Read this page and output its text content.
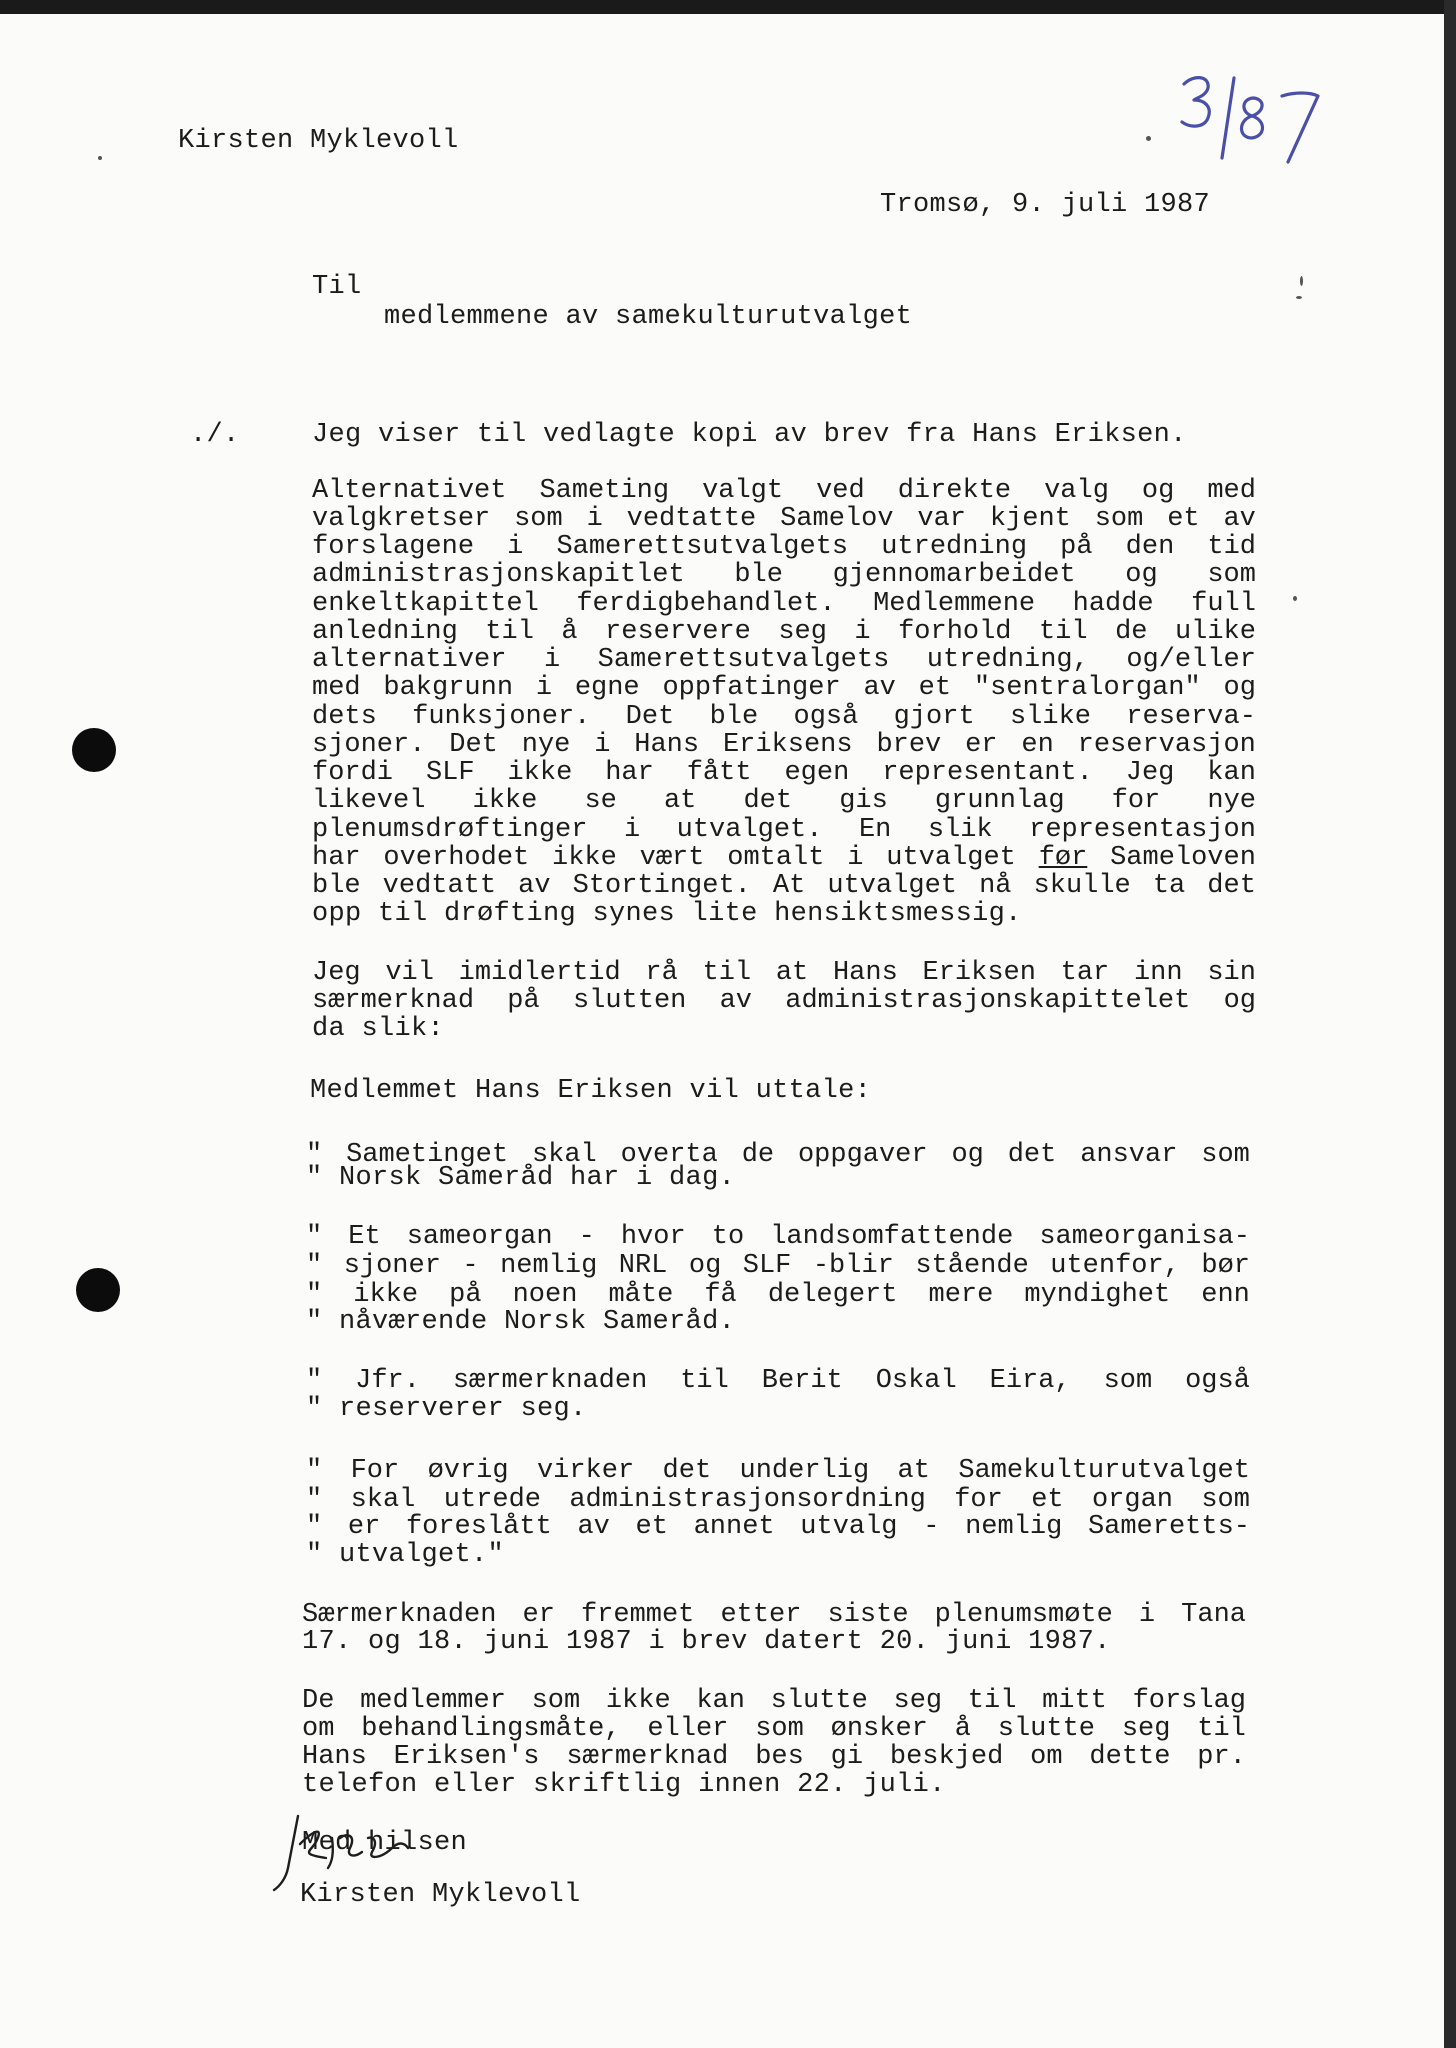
Kirsten Myklevoll
Tromsø, 9. juli 1987
Til
medlemmene av samekulturutvalget
./.	Jeg viser til vedlagte kopi av brev fra Hans Eriksen.
Alternativet Sameting valgt ved direkte valg og med
valgkretser som i vedtatte Samelov var kjent som et av
forslagene i Samerettsutvalgets utredning på den tid
administrasjonskapitlet ble gjennomarbeidet og som
enkeltkapittel ferdigbehandlet. Medlemmene hadde full
anledning til å reservere seg i forhold til de ulike
alternativer i Samerettsutvalgets utredning, og/eller
med bakgrunn i egne oppfatinger av et "sentralorgan" og
dets funksjoner. Det ble også gjort slike reserva-
sjoner. Det nye i Hans Eriksens brev er en reservasjon
fordi SLF ikke har fått egen representant. Jeg kan
likevel ikke se at det gis grunnlag for nye
plenumsdrøftinger i utvalget. En slik representasjon
har overhodet ikke vært omtalt i utvalget før Sameloven
ble vedtatt av Stortinget. At utvalget nå skulle ta det
opp til drøfting synes lite hensiktsmessig.
Jeg vil imidlertid rå til at Hans Eriksen tar inn sin
særmerknad på slutten av administrasjonskapittelet og
da slik:
Medlemmet Hans Eriksen vil uttale:
" Sametinget skal overta de oppgaver og det ansvar som
" Norsk Sameråd har i dag.
" Et sameorgan - hvor to landsomfattende sameorganisa-
" sjoner - nemlig NRL og SLF -blir stående utenfor, bør
" ikke på noen måte få delegert mere myndighet enn
" nåværende Norsk Sameråd.
" Jfr. særmerknaden til Berit Oskal Eira, som også
" reserverer seg.
" For øvrig virker det underlig at Samekulturutvalget
" skal utrede administrasjonsordning for et organ som
" er foreslått av et annet utvalg - nemlig Sameretts-
" utvalget."
Særmerknaden er fremmet etter siste plenumsmøte i Tana
17. og 18. juni 1987 i brev datert 20. juni 1987.
De medlemmer som ikke kan slutte seg til mitt forslag
om behandlingsmåte, eller som ønsker å slutte seg til
Hans Eriksen's særmerknad bes gi beskjed om dette pr.
telefon eller skriftlig innen 22. juli.
Med hilsen
Kirsten Myklevoll
